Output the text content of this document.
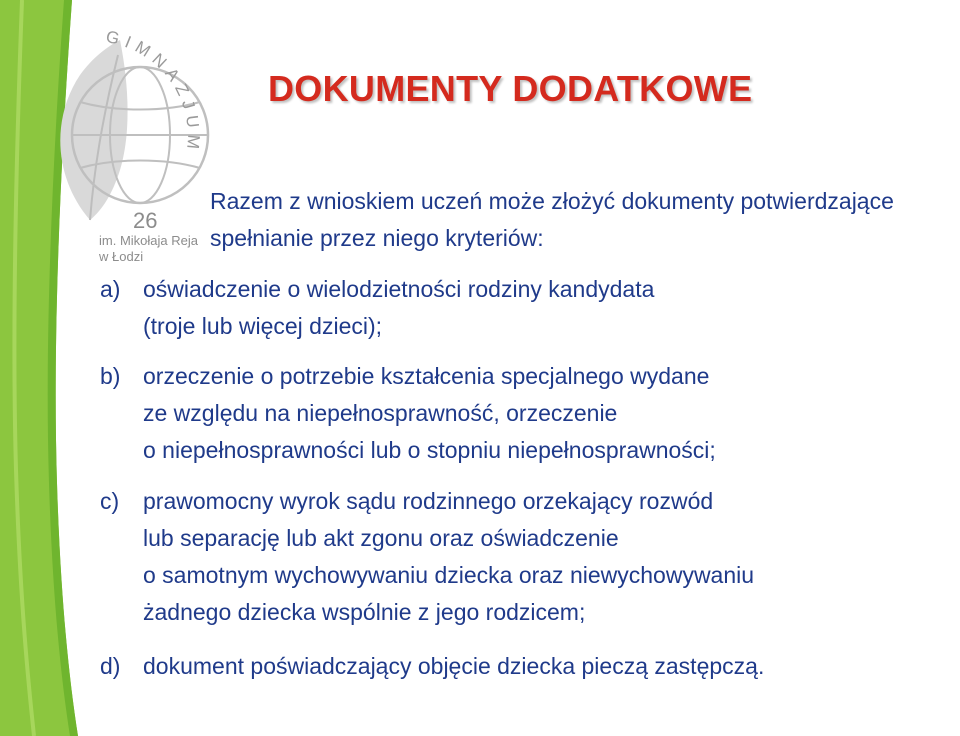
GIMNAZJUM
26
im. Mikołaja Reja
w Łodzi
DOKUMENTY DODATKOWE
Razem z wnioskiem uczeń może złożyć dokumenty potwierdzające spełnianie przez niego kryteriów:
a) oświadczenie o wielodzietności rodziny kandydata
(troje lub więcej dzieci);
b) orzeczenie o potrzebie kształcenia specjalnego wydane
ze względu na niepełnosprawność, orzeczenie
o niepełnosprawności lub o stopniu niepełnosprawności;
c)	prawomocny wyrok sądu rodzinnego orzekający rozwód
lub separację lub akt zgonu oraz oświadczenie
o samotnym wychowywaniu dziecka oraz niewychowywaniu
żadnego dziecka wspólnie z jego rodzicem;
d) dokument poświadczający objęcie dziecka pieczą zastępczą.
